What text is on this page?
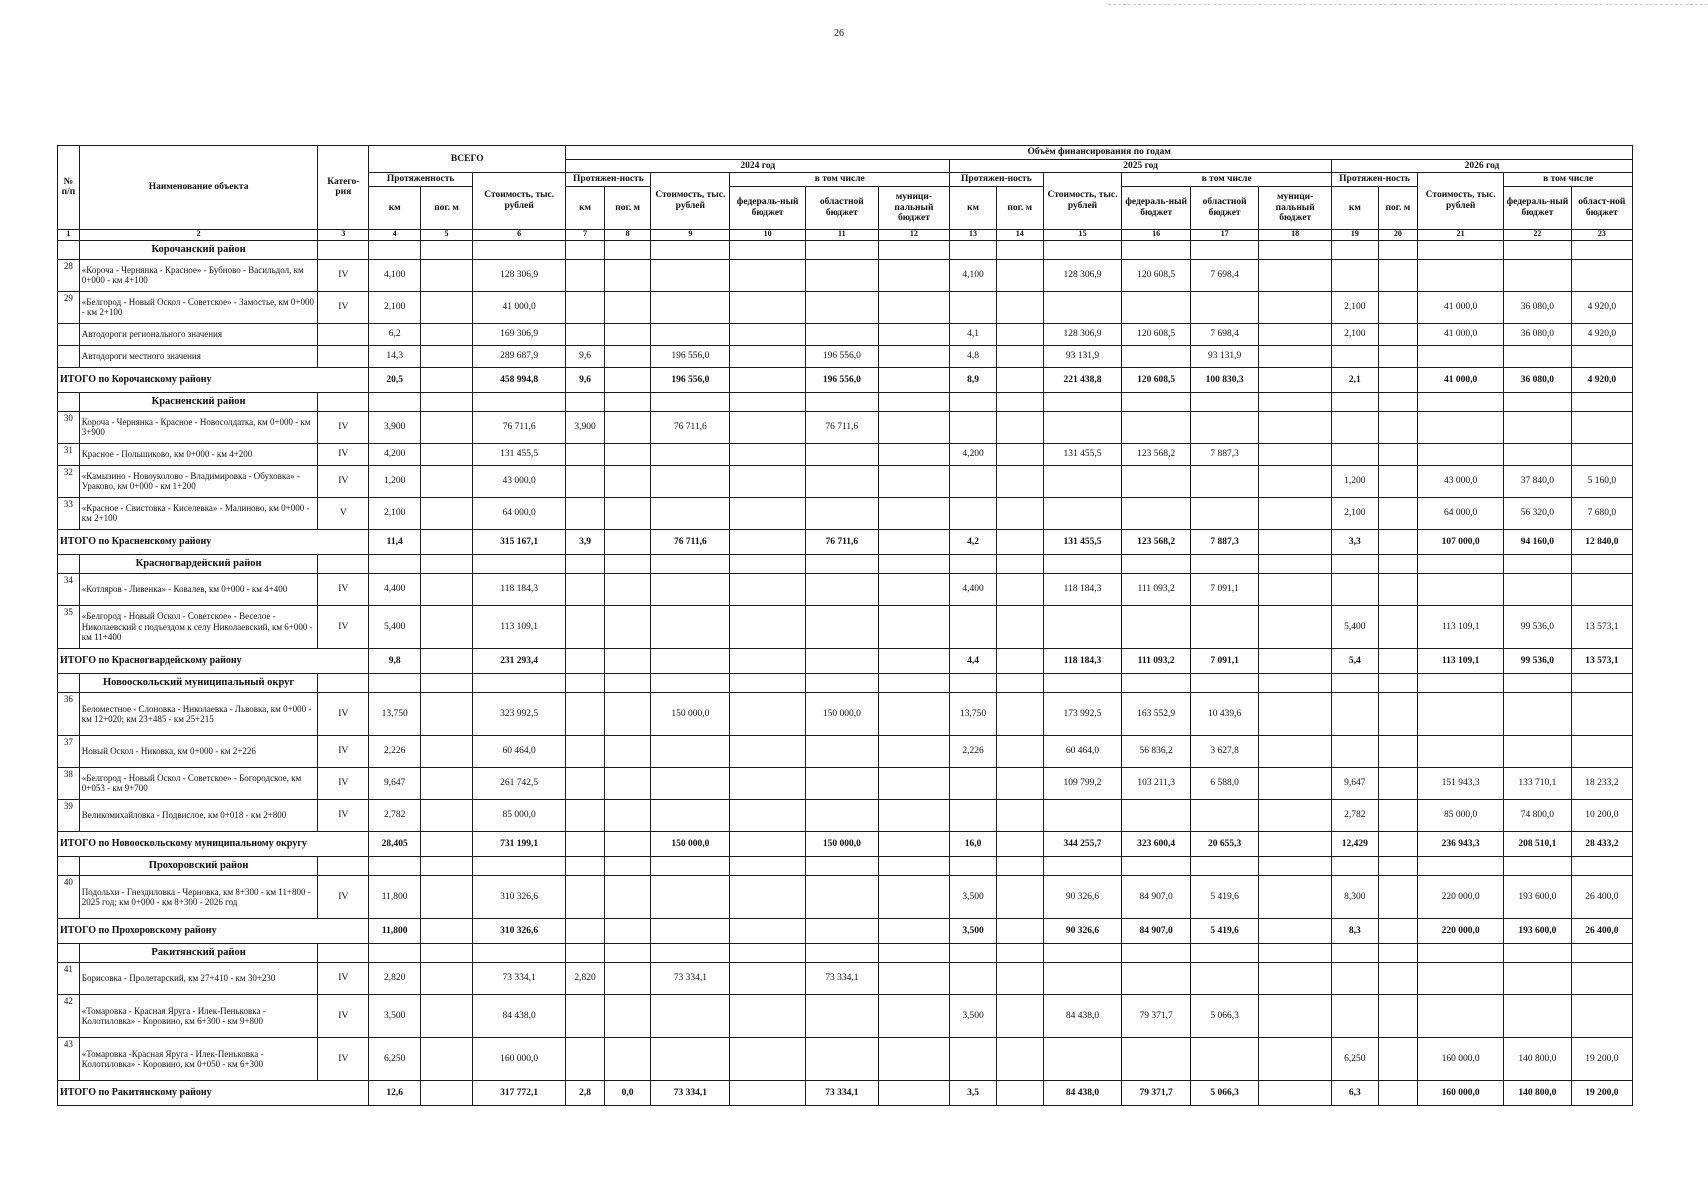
26
№ п/п	Наименование объекта	Катего-рия	ВСЕГО			Объём финансирования по годам																
						2024 год						2025 год						2026 год				
			Протяженность		Стоимость, тыс. рублей	Протяжен-ность		Стоимость, тыс. рублей	в том числе			Протяжен-ность		Стоимость, тыс. рублей	в том числе			Протяжен-ность		Стоимость, тыс. рублей	в том числе	
			км	пог. м		км	пог. м		федераль-ный бюджет	областной бюджет	муници-пальный бюджет	км	пог. м		федераль-ный бюджет	областной бюджет	муници-пальный бюджет	км	пог. м		федераль-ный бюджет	област-ной бюджет
1	2	3	4	5	6	7	8	9	10	11	12	13	14	15	16	17	18	19	20	21	22	23
	Корочанский район																					
28	«Короча - Чернянка - Красное» - Бубново - Васильдол, км 0+000 - км 4+100	IV	4,100		128 306,9							4,100		128 306,9	120 608,5	7 698,4						
29	«Белгород - Новый Оскол - Советское» - Замостье, км 0+000 - км 2+100	IV	2,100		41 000,0													2,100		41 000,0	36 080,0	4 920,0
	Автодороги регионального значения		6,2		169 306,9							4,1		128 306,9	120 608,5	7 698,4		2,100		41 000,0	36 080,0	4 920,0
	Автодороги местного значения		14,3		289 687,9	9,6		196 556,0		196 556,0		4,8		93 131,9		93 131,9						
ИТОГО по Корочанскому району			20,5		458 994,8	9,6		196 556,0		196 556,0		8,9		221 438,8	120 608,5	100 830,3		2,1		41 000,0	36 080,0	4 920,0
	Красненский район																					
30	Короча - Чернянка - Красное - Новосолдатка, км 0+000 - км 3+900	IV	3,900		76 711,6	3,900		76 711,6		76 711,6												
31	Красное - Польшиково, км 0+000 - км 4+200	IV	4,200		131 455,5							4,200		131 455,5	123 568,2	7 887,3						
32	«Камызино - Новоуколово - Владимировка - Обуховка» - Ураково, км 0+000 - км 1+200	IV	1,200		43 000,0													1,200		43 000,0	37 840,0	5 160,0
33	«Красное - Свистовка - Киселевка» - Малиново, км 0+000 - км 2+100	V	2,100		64 000,0													2,100		64 000,0	56 320,0	7 680,0
ИТОГО по Красненскому району			11,4		315 167,1	3,9		76 711,6		76 711,6		4,2		131 455,5	123 568,2	7 887,3		3,3		107 000,0	94 160,0	12 840,0
	Красногвардейский район																					
34	«Котляров - Ливенка» - Ковалев, км 0+000 - км 4+400	IV	4,400		118 184,3							4,400		118 184,3	111 093,2	7 091,1						
35	«Белгород - Новый Оскол - Советское» - Веселое - Николаевский с подъездом к селу Николаевский, км 6+000 - км 11+400	IV	5,400		113 109,1													5,400		113 109,1	99 536,0	13 573,1
ИТОГО по Красногвардейскому району			9,8		231 293,4							4,4		118 184,3	111 093,2	7 091,1		5,4		113 109,1	99 536,0	13 573,1
	Новооскольский муниципальный округ																					
36	Беломестное - Слоновка - Николаевка - Львовка, км 0+000 - км 12+020; км 23+485 - км 25+215	IV	13,750		323 992,5			150 000,0		150 000,0		13,750		173 992,5	163 552,9	10 439,6						
37	Новый Оскол - Никовка, км 0+000 - км 2+226	IV	2,226		60 464,0							2,226		60 464,0	56 836,2	3 627,8						
38	«Белгород - Новый Оскол - Советское» - Богородское, км 0+053 - км 9+700	IV	9,647		261 742,5									109 799,2	103 211,3	6 588,0		9,647		151 943,3	133 710,1	18 233,2
39	Великомихайловка - Подвислое, км 0+018 - км 2+800	IV	2,782		85 000,0													2,782		85 000,0	74 800,0	10 200,0
ИТОГО по Новооскольскому муниципальному округу			28,405		731 199,1			150 000,0		150 000,0		16,0		344 255,7	323 600,4	20 655,3		12,429		236 943,3	208 510,1	28 433,2
	Прохоровский район																					
40	Подольхи - Гнездиловка - Черновка, км 8+300 - км 11+800 - 2025 год; км 0+000 - км 8+300 - 2026 год	IV	11,800		310 326,6							3,500		90 326,6	84 907,0	5 419,6		8,300		220 000,0	193 600,0	26 400,0
ИТОГО по Прохоровскому району			11,800		310 326,6							3,500		90 326,6	84 907,0	5 419,6		8,3		220 000,0	193 600,0	26 400,0
	Ракитянский район																					
41	Борисовка - Пролетарский, км 27+410 - км 30+230	IV	2,820		73 334,1	2,820		73 334,1		73 334,1												
42	«Томаровка - Красная Яруга - Илек-Пеньковка - Колотиловка» - Коровино, км 6+300 - км 9+800	IV	3,500		84 438,0							3,500		84 438,0	79 371,7	5 066,3						
43	«Томаровка -Красная Яруга - Илек-Пеньковка - Колотиловка» - Коровино, км 0+050 - км 6+300	IV	6,250		160 000,0													6,250		160 000,0	140 800,0	19 200,0
ИТОГО по Ракитянскому району			12,6		317 772,1	2,8	0,0	73 334,1		73 334,1		3,5		84 438,0	79 371,7	5 066,3		6,3		160 000,0	140 800,0	19 200,0
